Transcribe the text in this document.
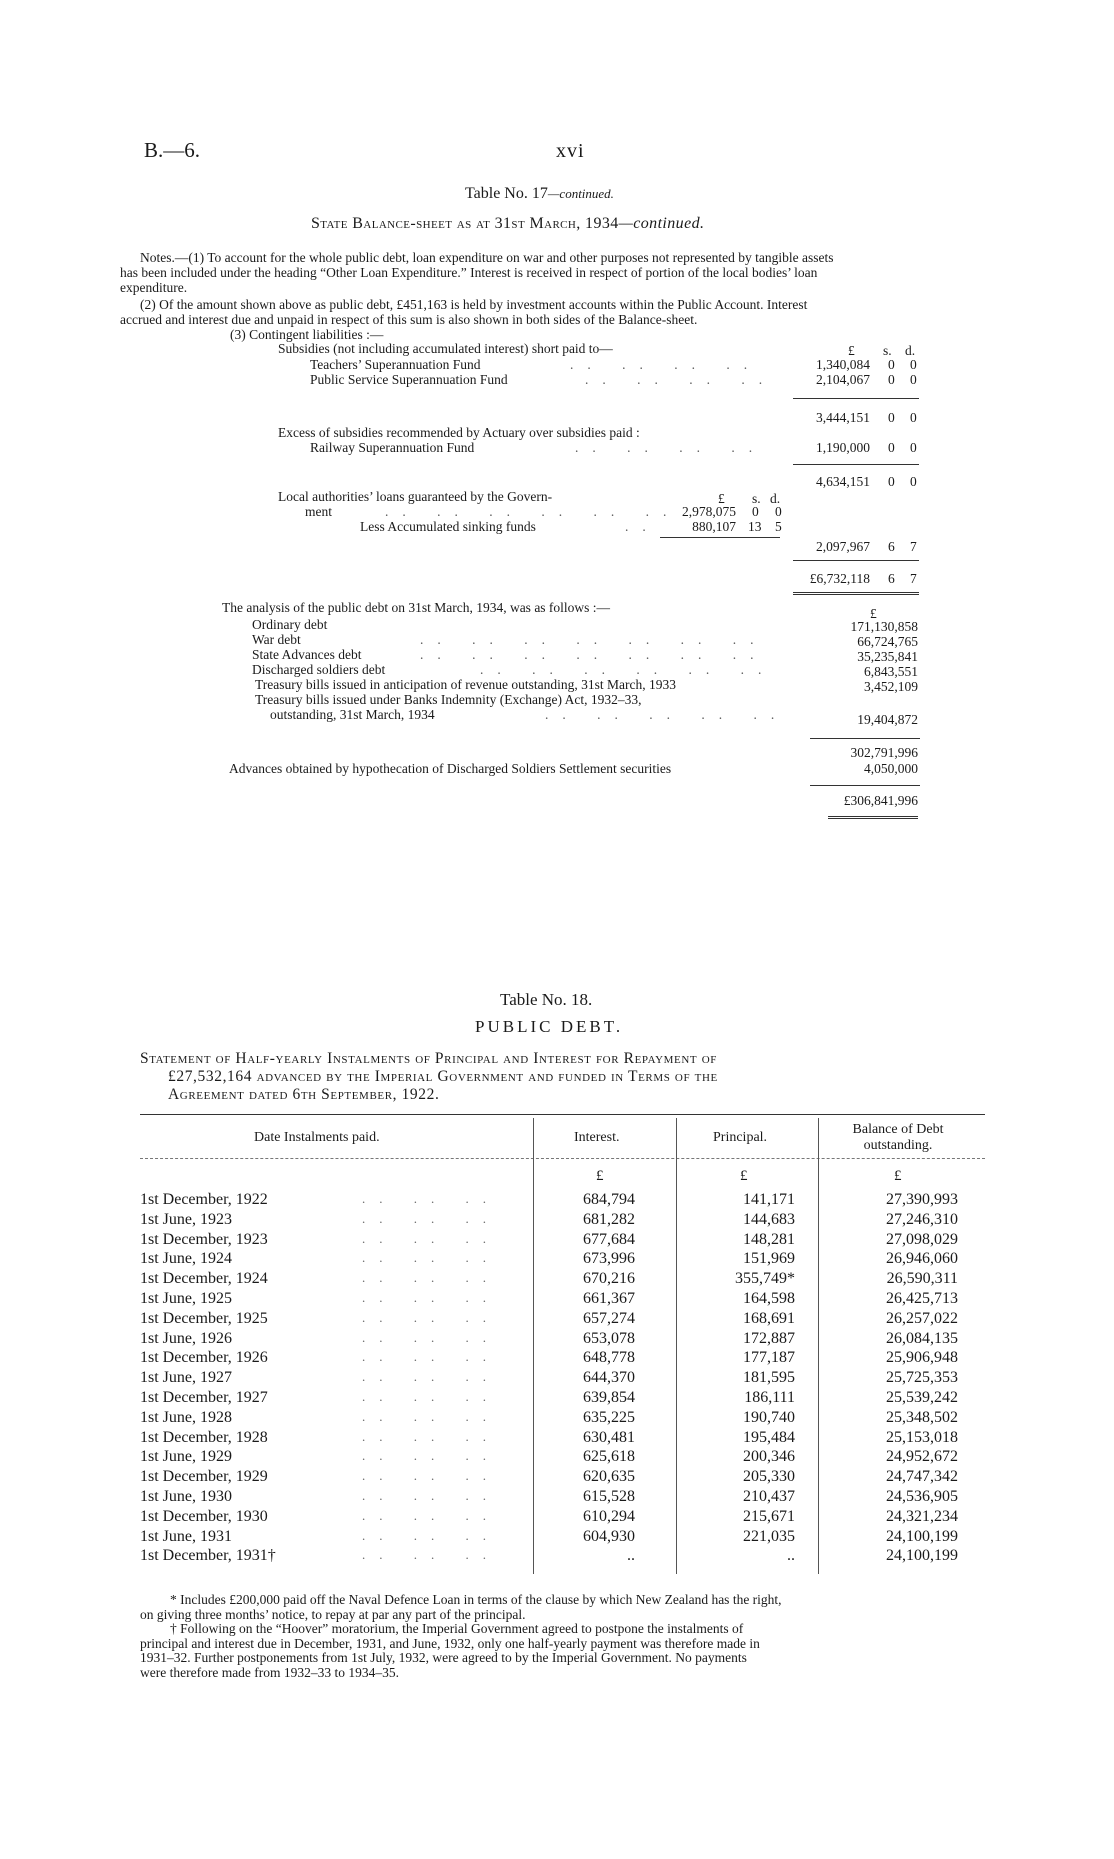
B.—6.	xvi
Table No. 17—continued.
State Balance-sheet as at 31st March, 1934—continued.
Notes.—(1) To account for the whole public debt, loan expenditure on war and other purposes not represented by tangible assets
has been included under the heading “Other Loan Expenditure.” Interest is received in respect of portion of the local bodies’ loan
expenditure.
(2) Of the amount shown above as public debt, £451,163 is held by investment accounts within the Public Account. Interest
accrued and interest due and unpaid in respect of this sum is also shown in both sides of the Balance-sheet.
(3) Contingent liabilities :—
Subsidies (not including accumulated interest) short paid to—	£ s. d.
Teachers’ Superannuation Fund	.. .. .. ..	1,340,084 0 0
Public Service Superannuation Fund	.. .. .. ..	2,104,067 0 0
3,444,151 0 0
Excess of subsidies recommended by Actuary over subsidies paid :
Railway Superannuation Fund	.. .. .. ..	1,190,000 0 0
4,634,151 0 0
Local authorities’ loans guaranteed by the Govern-	£ s. d.
ment	.. .. .. .. .. .. 2,978,075 0 0
Less Accumulated sinking funds	..	880,107 13 5
2,097,967 6 7
£6,732,118 6 7
The analysis of the public debt on 31st March, 1934, was as follows :—	£
Ordinary debt	171,130,858
War debt	66,724,765
State Advances debt	35,235,841
Discharged soldiers debt	6,843,551
Treasury bills issued in anticipation of revenue outstanding, 31st March, 1933	3,452,109
.. .. .. .. .. .. ..
.. .. .. .. .. .. ..
.. .. .. .. .. ..
Treasury bills issued under Banks Indemnity (Exchange) Act, 1932–33,
outstanding, 31st March, 1934	.. .. .. .. ..	19,404,872
302,791,996
Advances obtained by hypothecation of Discharged Soldiers Settlement securities	4,050,000
£306,841,996
Table No. 18.
PUBLIC DEBT.
Statement of Half-yearly Instalments of Principal and Interest for Repayment of
£27,532,164 advanced by the Imperial Government and funded in Terms of the
Agreement dated 6th September, 1922.
Date Instalments paid.	Interest.	Principal.
Balance of Debt
outstanding.
£	£	£
1st December, 1922	684,794	141,171	27,390,993
.. .. ..
1st June, 1923	681,282	144,683	27,246,310
.. .. ..
1st December, 1923	677,684	148,281	27,098,029
.. .. ..
1st June, 1924	673,996	151,969	26,946,060
.. .. ..
1st December, 1924	670,216	355,749*	26,590,311
.. .. ..
1st June, 1925	661,367	164,598	26,425,713
.. .. ..
1st December, 1925	657,274	168,691	26,257,022
.. .. ..
1st June, 1926	653,078	172,887	26,084,135
.. .. ..
1st December, 1926	648,778	177,187	25,906,948
.. .. ..
1st June, 1927	644,370	181,595	25,725,353
.. .. ..
1st December, 1927	639,854	186,111	25,539,242
.. .. ..
1st June, 1928	635,225	190,740	25,348,502
.. .. ..
1st December, 1928	630,481	195,484	25,153,018
.. .. ..
1st June, 1929	625,618	200,346	24,952,672
.. .. ..
1st December, 1929	620,635	205,330	24,747,342
.. .. ..
1st June, 1930	615,528	210,437	24,536,905
.. .. ..
1st December, 1930	610,294	215,671	24,321,234
.. .. ..
1st June, 1931	604,930	221,035	24,100,199
.. .. ..
1st December, 1931†	..	..	24,100,199
.. .. ..
* Includes £200,000 paid off the Naval Defence Loan in terms of the clause by which New Zealand has the right,
on giving three months’ notice, to repay at par any part of the principal.
† Following on the “Hoover” moratorium, the Imperial Government agreed to postpone the instalments of
principal and interest due in December, 1931, and June, 1932, only one half-yearly payment was therefore made in
1931–32. Further postponements from 1st July, 1932, were agreed to by the Imperial Government. No payments
were therefore made from 1932–33 to 1934–35.
